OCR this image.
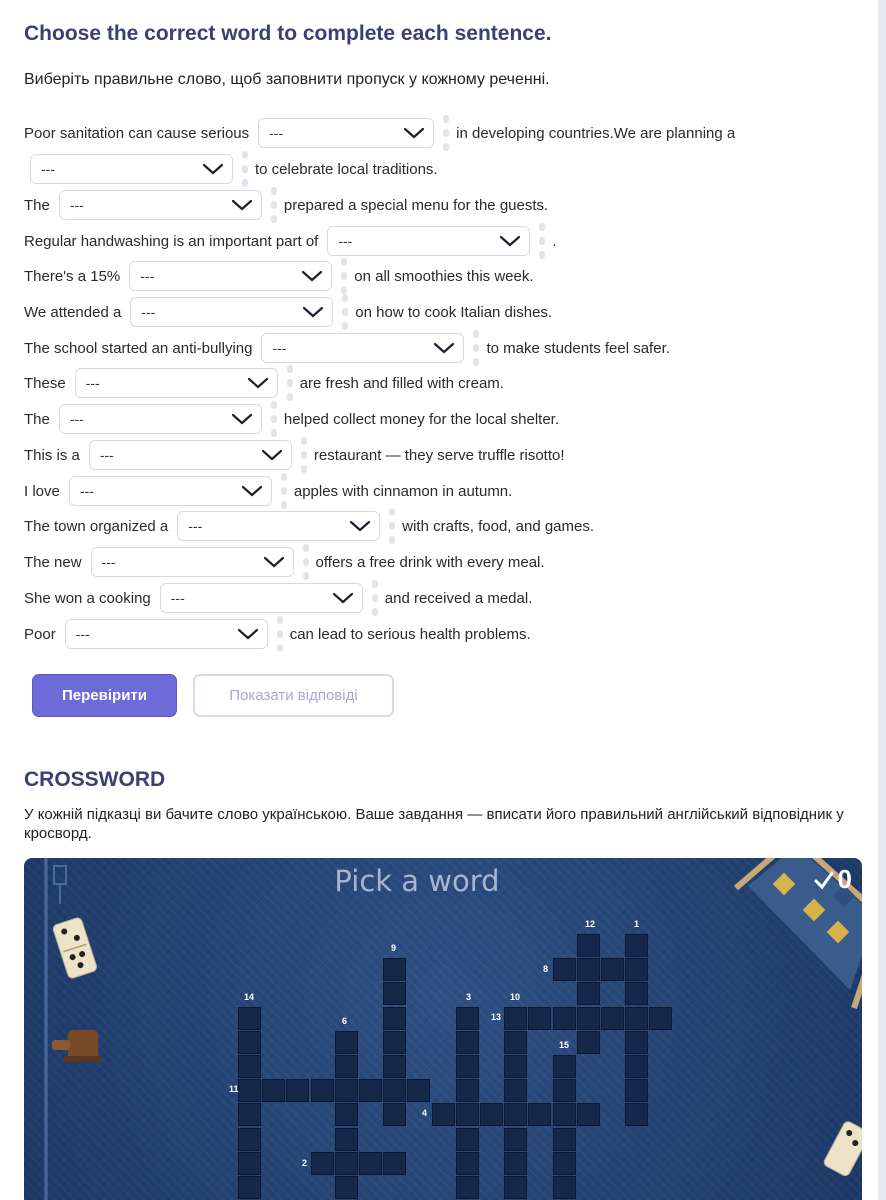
Choose the correct word to complete each sentence.
Виберіть правильне слово, щоб заповнити пропуск у кожному реченні.
Poor sanitation can cause serious ---	in developing countries.We are planning a
---	to celebrate local traditions.
The ---	prepared a special menu for the guests.
Regular handwashing is an important part of ---	.
There's a 15% ---	on all smoothies this week.
We attended a ---	on how to cook Italian dishes.
The school started an anti-bullying ---	to make students feel safer.
These ---	are fresh and filled with cream.
The ---	helped collect money for the local shelter.
This is a ---	restaurant — they serve truffle risotto!
I love ---	apples with cinnamon in autumn.
The town organized a ---	with crafts, food, and games.
The new ---	offers a free drink with every meal.
She won a cooking ---	and received a medal.
Poor ---	can lead to serious health problems.
Перевірити	Показати відповіді
CROSSWORD
У кожній підказці ви бачите слово українською. Ваше завдання — вписати його правильний англійський відповідник у кросворд.
Pick a word	0
12	1
9
8
14	3	10
13
6
15
11
4
2
